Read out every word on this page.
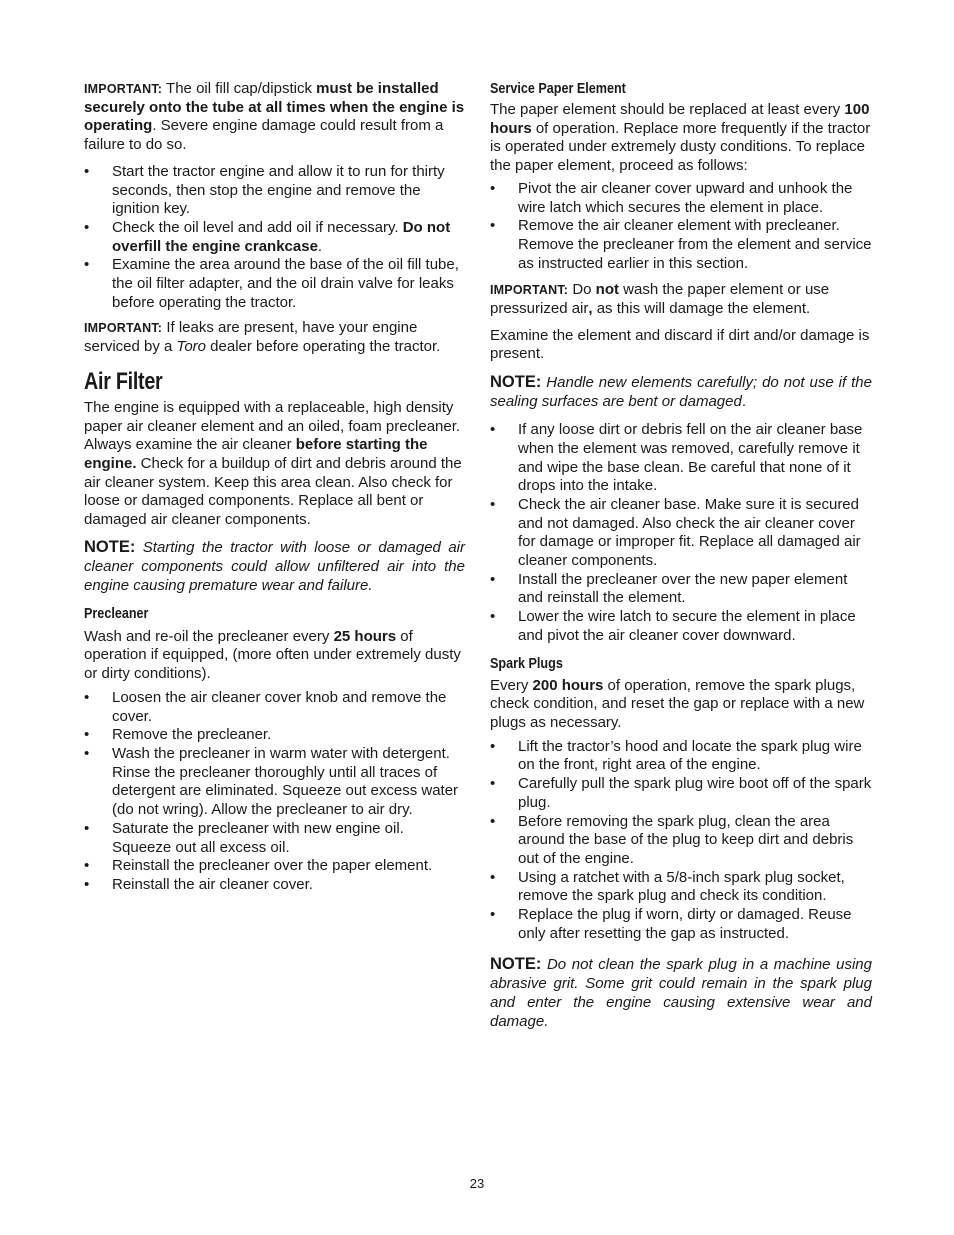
IMPORTANT: The oil fill cap/dipstick must be installed securely onto the tube at all times when the engine is operating. Severe engine damage could result from a failure to do so.

• Start the tractor engine and allow it to run for thirty seconds, then stop the engine and remove the ignition key.
• Check the oil level and add oil if necessary. Do not overfill the engine crankcase.
• Examine the area around the base of the oil fill tube, the oil filter adapter, and the oil drain valve for leaks before operating the tractor.

IMPORTANT: If leaks are present, have your engine serviced by a Toro dealer before operating the tractor.

Air Filter

The engine is equipped with a replaceable, high density paper air cleaner element and an oiled, foam precleaner. Always examine the air cleaner before starting the engine. Check for a buildup of dirt and debris around the air cleaner system. Keep this area clean. Also check for loose or damaged components. Replace all bent or damaged air cleaner components.

NOTE: Starting the tractor with loose or damaged air cleaner components could allow unfiltered air into the engine causing premature wear and failure.

Precleaner

Wash and re-oil the precleaner every 25 hours of operation if equipped, (more often under extremely dusty or dirty conditions).

• Loosen the air cleaner cover knob and remove the cover.
• Remove the precleaner.
• Wash the precleaner in warm water with detergent. Rinse the precleaner thoroughly until all traces of detergent are eliminated. Squeeze out excess water (do not wring). Allow the precleaner to air dry.
• Saturate the precleaner with new engine oil. Squeeze out all excess oil.
• Reinstall the precleaner over the paper element.
• Reinstall the air cleaner cover.
Service Paper Element

The paper element should be replaced at least every 100 hours of operation. Replace more frequently if the tractor is operated under extremely dusty conditions. To replace the paper element, proceed as follows:

• Pivot the air cleaner cover upward and unhook the wire latch which secures the element in place.
• Remove the air cleaner element with precleaner. Remove the precleaner from the element and service as instructed earlier in this section.

IMPORTANT: Do not wash the paper element or use pressurized air, as this will damage the element.

Examine the element and discard if dirt and/or damage is present.

NOTE: Handle new elements carefully; do not use if the sealing surfaces are bent or damaged.

• If any loose dirt or debris fell on the air cleaner base when the element was removed, carefully remove it and wipe the base clean. Be careful that none of it drops into the intake.
• Check the air cleaner base. Make sure it is secured and not damaged. Also check the air cleaner cover for damage or improper fit. Replace all damaged air cleaner components.
• Install the precleaner over the new paper element and reinstall the element.
• Lower the wire latch to secure the element in place and pivot the air cleaner cover downward.
Spark Plugs

Every 200 hours of operation, remove the spark plugs, check condition, and reset the gap or replace with a new plugs as necessary.

• Lift the tractor’s hood and locate the spark plug wire on the front, right area of the engine.
• Carefully pull the spark plug wire boot off of the spark plug.
• Before removing the spark plug, clean the area around the base of the plug to keep dirt and debris out of the engine.
• Using a ratchet with a 5/8-inch spark plug socket, remove the spark plug and check its condition.
• Replace the plug if worn, dirty or damaged. Reuse only after resetting the gap as instructed.

NOTE: Do not clean the spark plug in a machine using abrasive grit. Some grit could remain in the spark plug and enter the engine causing extensive wear and damage.

23
